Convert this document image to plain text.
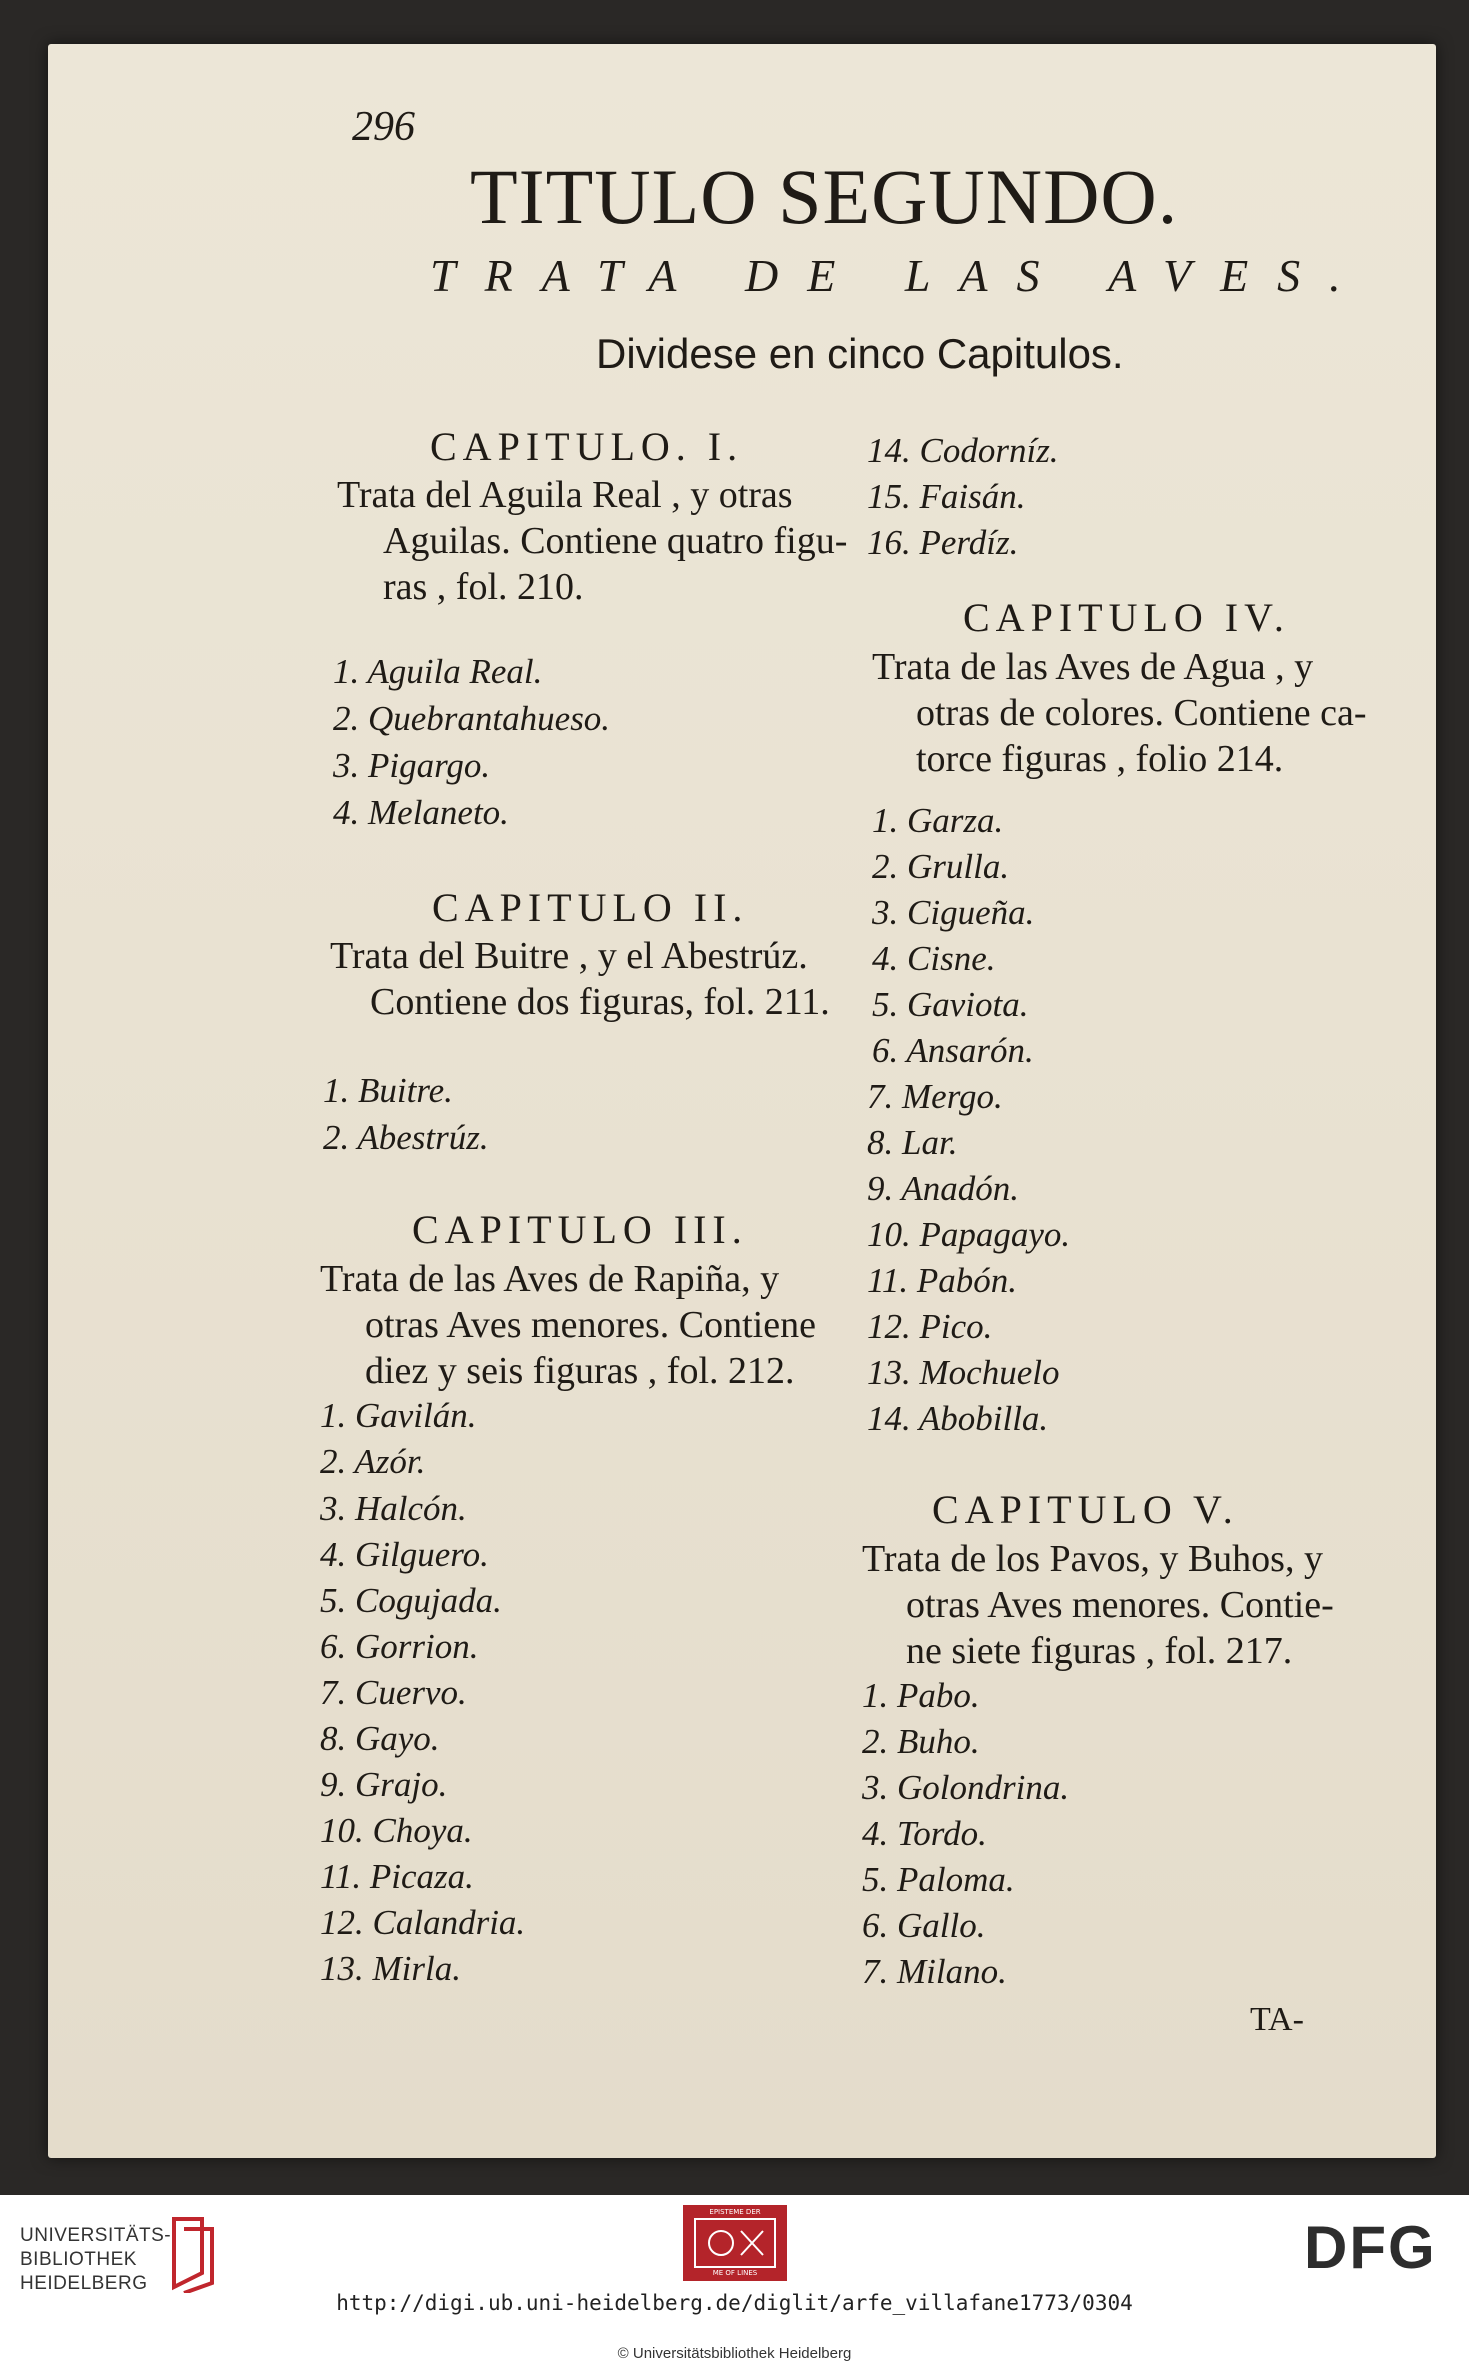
296
TITULO SEGUNDO.
TRATA DE LAS AVES.
Dividese en cinco Capitulos.
CAPITULO. I.
Trata del Aguila Real , y otras
Aguilas. Contiene quatro figu-
ras , fol. 210.
1. Aguila Real.
2. Quebrantahueso.
3. Pigargo.
4. Melaneto.
CAPITULO II.
Trata del Buitre , y el Abestrúz.
Contiene dos figuras, fol. 211.
1. Buitre.
2. Abestrúz.
CAPITULO III.
Trata de las Aves de Rapiña, y
otras Aves menores. Contiene
diez y seis figuras , fol. 212.
1. Gavilán.
2. Azór.
3. Halcón.
4. Gilguero.
5. Cogujada.
6. Gorrion.
7. Cuervo.
8. Gayo.
9. Grajo.
10. Choya.
11. Picaza.
12. Calandria.
13. Mirla.
14. Codorníz.
15. Faisán.
16. Perdíz.
CAPITULO IV.
Trata de las Aves de Agua , y
otras de colores. Contiene ca-
torce figuras , folio 214.
1. Garza.
2. Grulla.
3. Cigueña.
4. Cisne.
5. Gaviota.
6. Ansarón.
7. Mergo.
8. Lar.
9. Anadón.
10. Papagayo.
11. Pabón.
12. Pico.
13. Mochuelo
14. Abobilla.
CAPITULO V.
Trata de los Pavos, y Buhos, y
otras Aves menores. Contie-
ne siete figuras , fol. 217.
1. Pabo.
2. Buho.
3. Golondrina.
4. Tordo.
5. Paloma.
6. Gallo.
7. Milano.
TA-
UNIVERSITÄTS-
BIBLIOTHEK
HEIDELBERG
EPISTEME DER
ME OF LINES	DFG
http://digi.ub.uni-heidelberg.de/diglit/arfe_villafane1773/0304
© Universitätsbibliothek Heidelberg
